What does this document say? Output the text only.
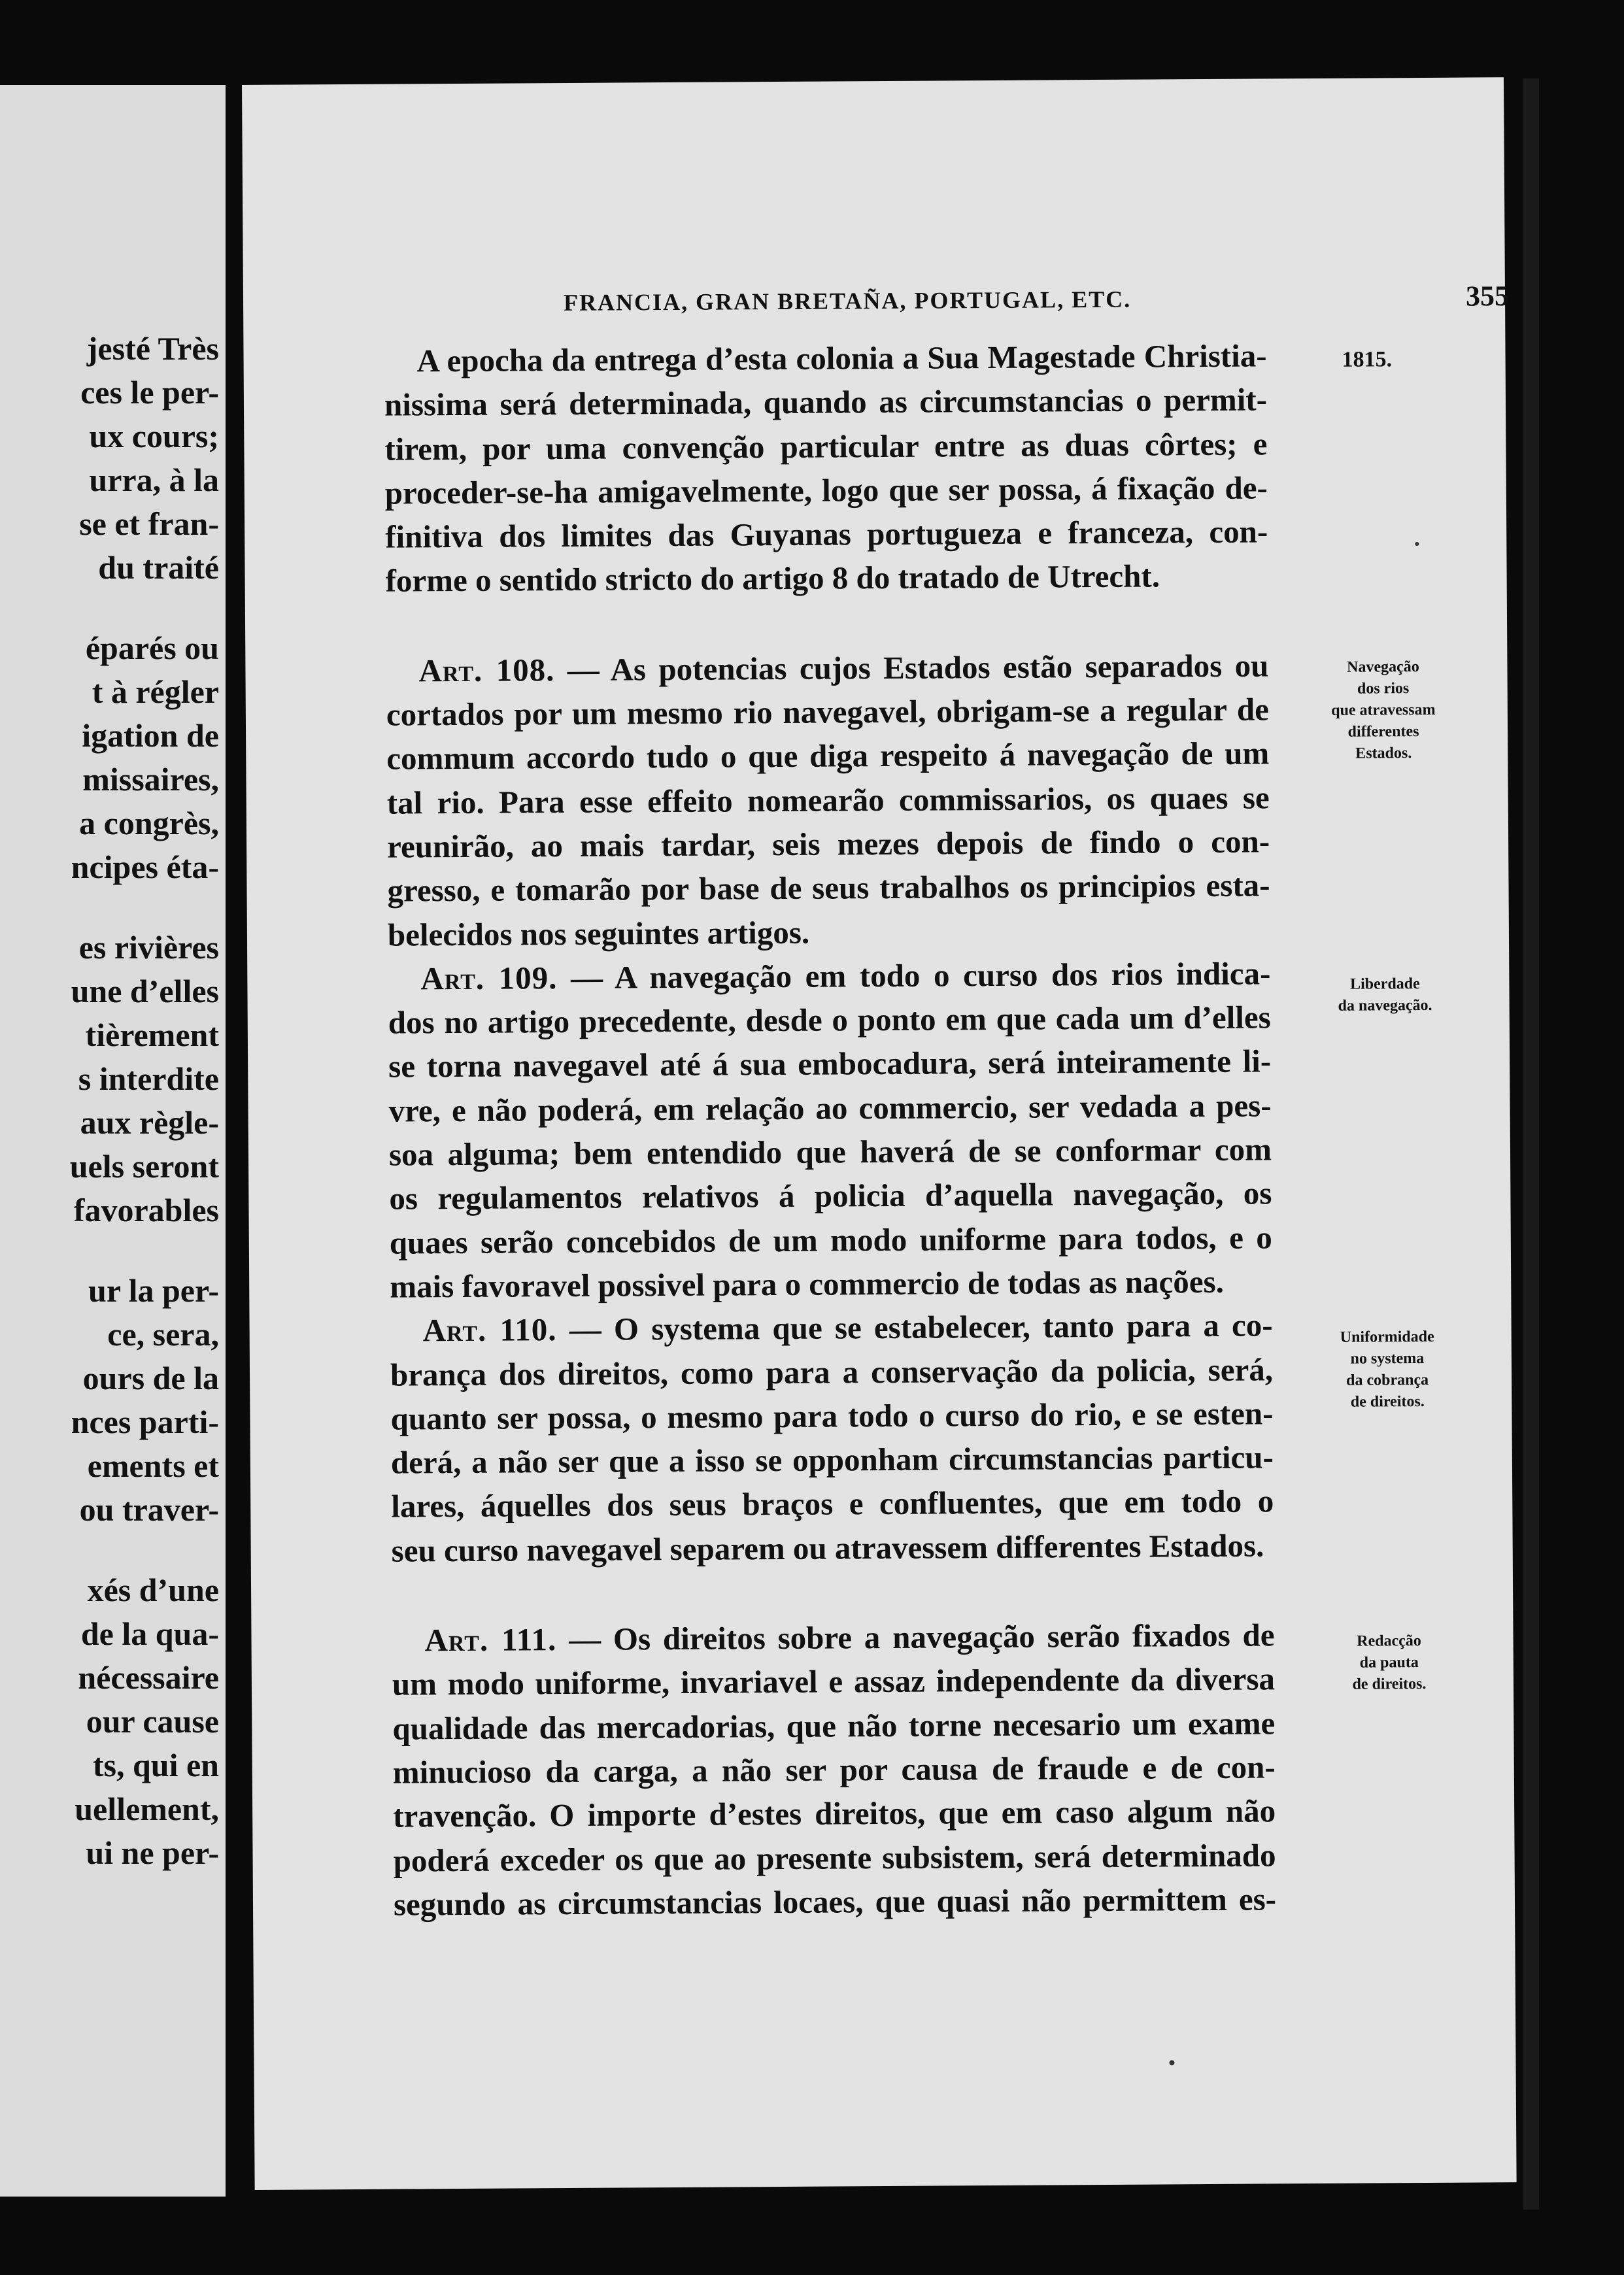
jesté Très
ces le per-
ux cours;
urra, à la
se et fran-
du traité
éparés ou
t à régler
igation de
missaires,
a congrès,
ncipes éta-
es rivières
une d’elles
tièrement
s interdite
aux règle-
uels seront
favorables
ur la per-
ce, sera,
ours de la
nces parti-
ements et
ou traver-
xés d’une
de la qua-
nécessaire
our cause
ts, qui en
uellement,
ui ne per-
FRANCIA, GRAN BRETAÑA, PORTUGAL, ETC.	355
1815.
A epocha da entrega d’esta colonia a Sua Magestade Christia-
nissima será determinada, quando as circumstancias o permit-
tirem, por uma convenção particular entre as duas côrtes; e
proceder-se-ha amigavelmente, logo que ser possa, á fixação de-
finitiva dos limites das Guyanas portugueza e franceza, con-
forme o sentido stricto do artigo 8 do tratado de Utrecht.
Art. 108. — As potencias cujos Estados estão separados ou
cortados por um mesmo rio navegavel, obrigam-se a regular de
commum accordo tudo o que diga respeito á navegação de um
tal rio. Para esse effeito nomearão commissarios, os quaes se
reunirão, ao mais tardar, seis mezes depois de findo o con-
gresso, e tomarão por base de seus trabalhos os principios esta-
belecidos nos seguintes artigos.
Art. 109. — A navegação em todo o curso dos rios indica-
dos no artigo precedente, desde o ponto em que cada um d’elles
se torna navegavel até á sua embocadura, será inteiramente li-
vre, e não poderá, em relação ao commercio, ser vedada a pes-
soa alguma; bem entendido que haverá de se conformar com
os regulamentos relativos á policia d’aquella navegação, os
quaes serão concebidos de um modo uniforme para todos, e o
mais favoravel possivel para o commercio de todas as nações.
Art. 110. — O systema que se estabelecer, tanto para a co-
brança dos direitos, como para a conservação da policia, será,
quanto ser possa, o mesmo para todo o curso do rio, e se esten-
derá, a não ser que a isso se opponham circumstancias particu-
lares, áquelles dos seus braços e confluentes, que em todo o
seu curso navegavel separem ou atravessem differentes Estados.
Art. 111. — Os direitos sobre a navegação serão fixados de
um modo uniforme, invariavel e assaz independente da diversa
qualidade das mercadorias, que não torne necesario um exame
minucioso da carga, a não ser por causa de fraude e de con-
travenção. O importe d’estes direitos, que em caso algum não
poderá exceder os que ao presente subsistem, será determinado
segundo as circumstancias locaes, que quasi não permittem es-
Navegação
dos rios
que atravessam
differentes
Estados.
Liberdade
da navegação.
Uniformidade
no systema
da cobrança
de direitos.
Redacção
da pauta
de direitos.
